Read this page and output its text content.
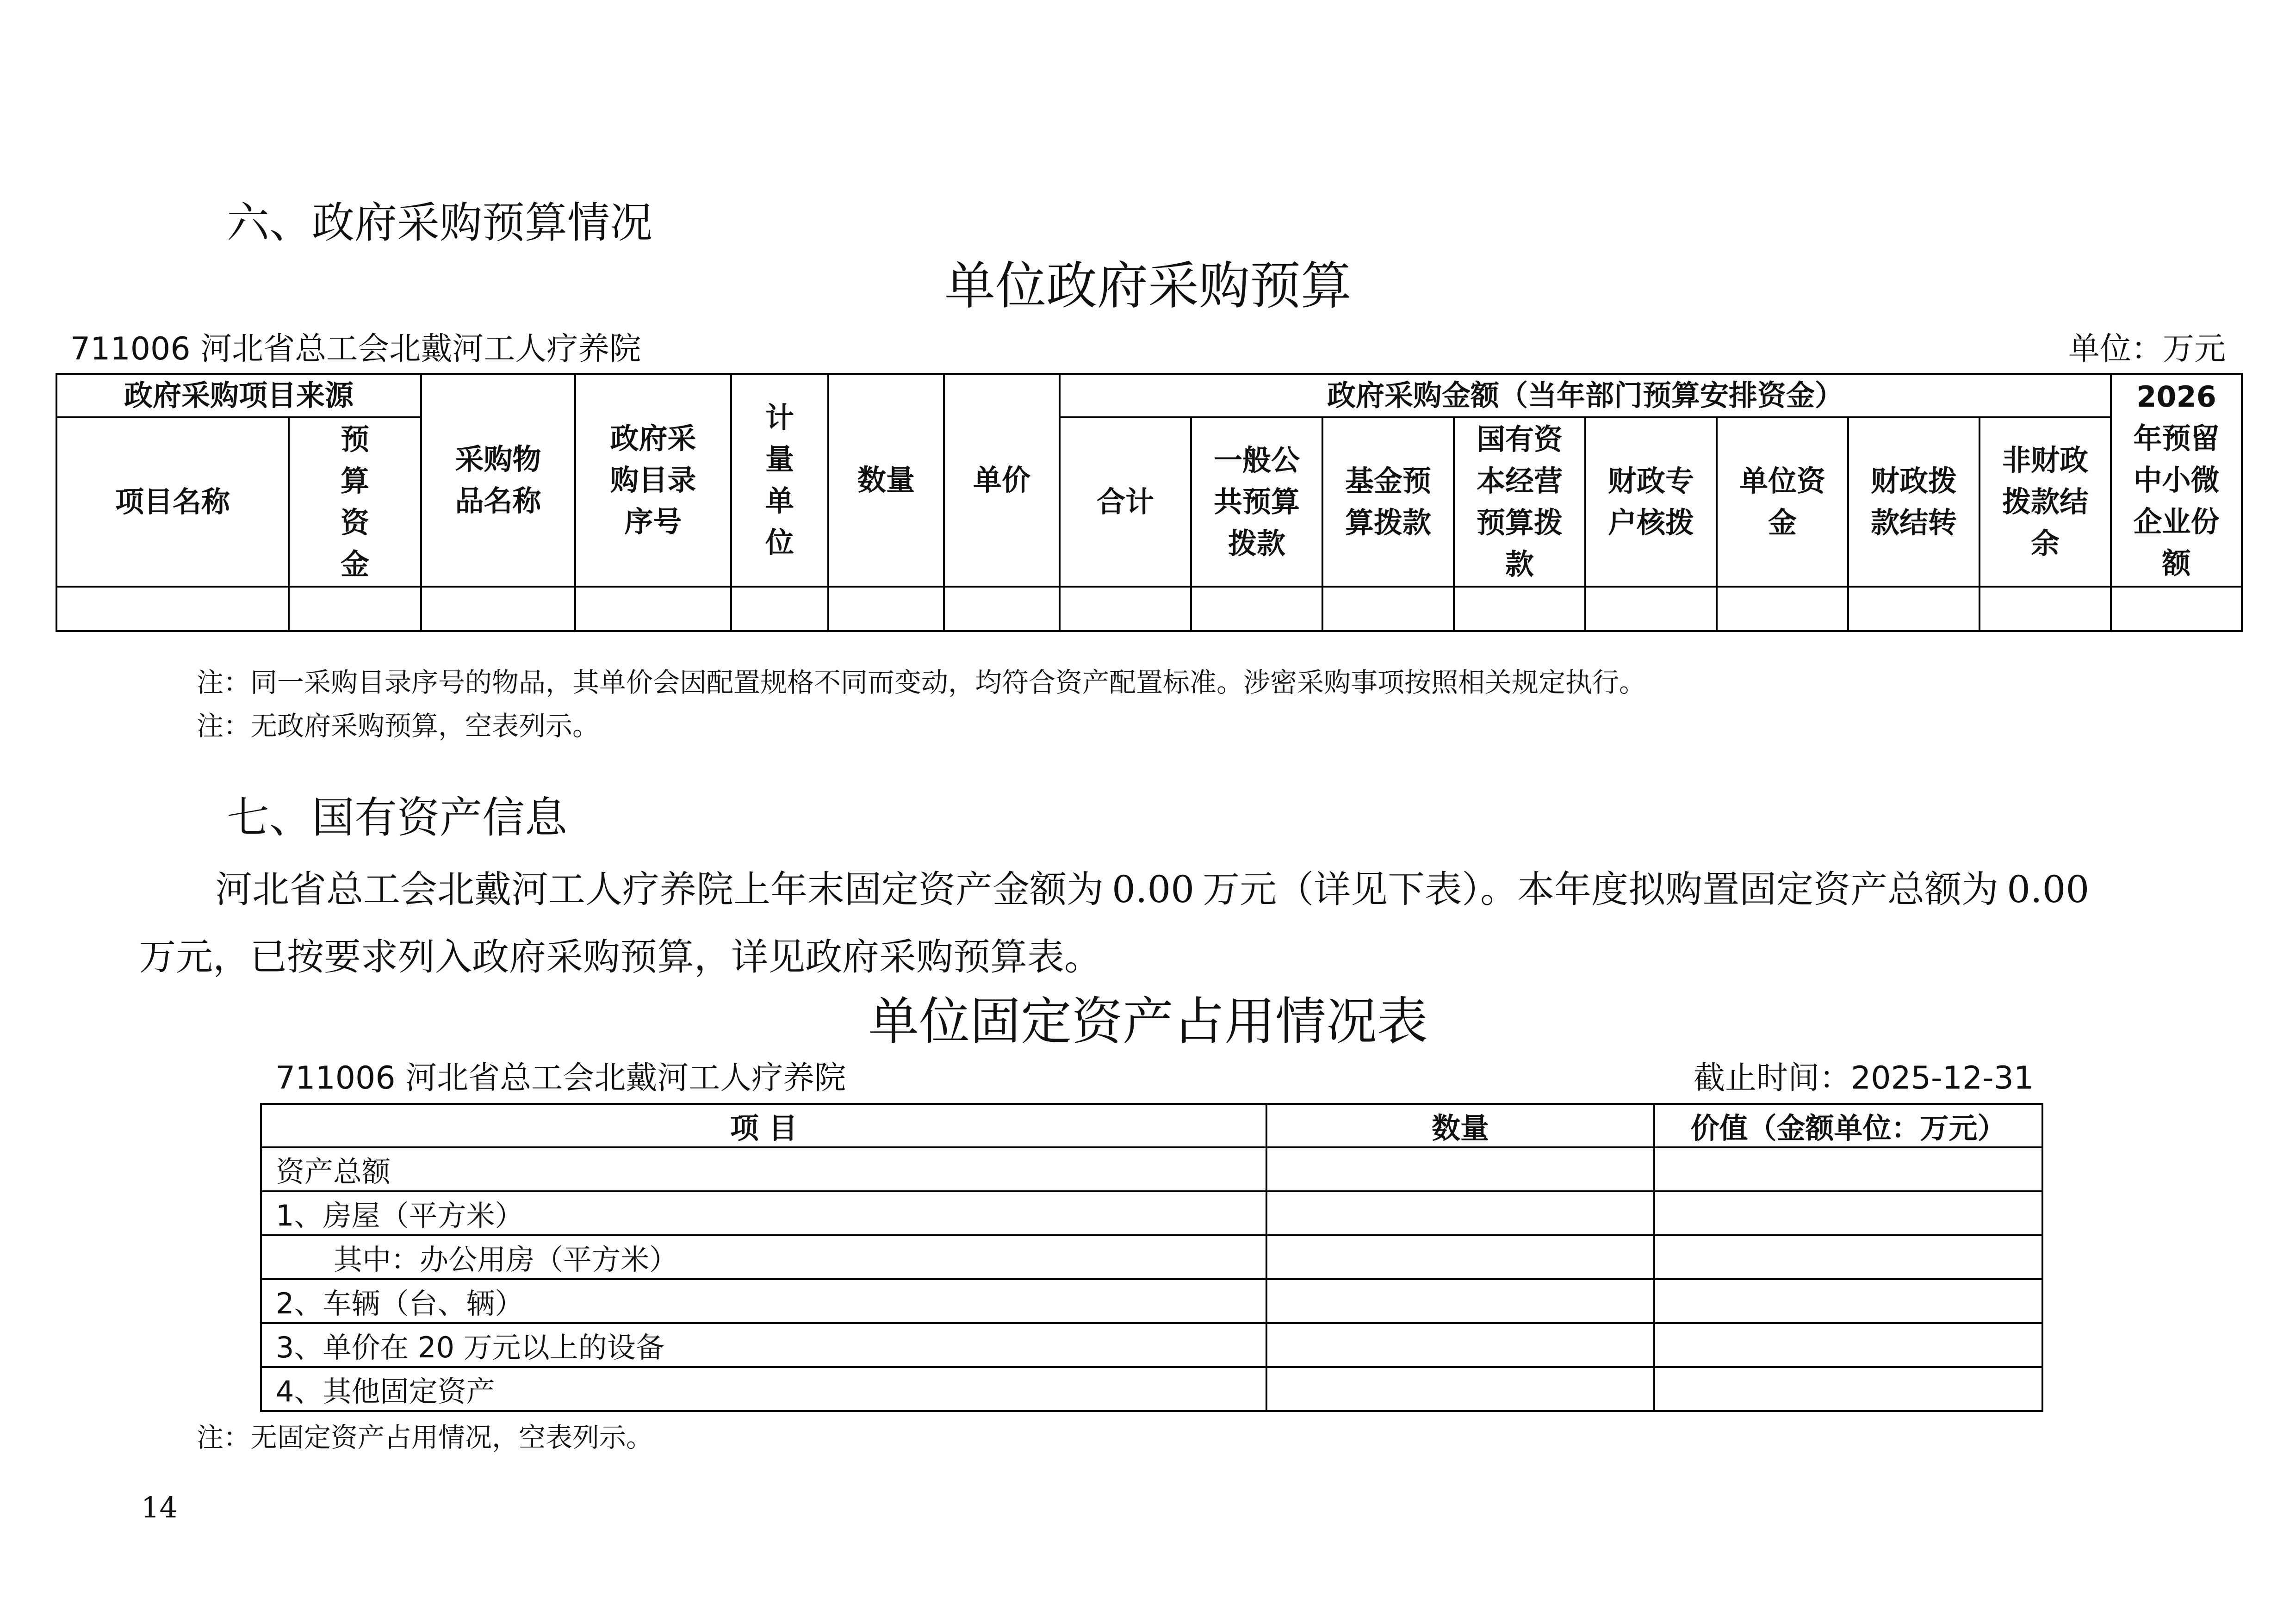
六、政府采购预算情况
单位政府采购预算
711006 河北省总工会北戴河工人疗养院	单位：万元
政府采购项目来源		采购物品名称	政府采购目录序号	计量单位	数量	单价	政府采购金额（当年部门预算安排资金）								2026 年预留中小微企业份额
项目名称	预算资金						合计	一般公共预算拨款	基金预算拨款	国有资本经营预算拨款	财政专户核拨	单位资金	财政拨款结转	非财政拨款结余	

注：同一采购目录序号的物品，其单价会因配置规格不同而变动，均符合资产配置标准。涉密采购事项按照相关规定执行。
注：无政府采购预算，空表列示。
七、国有资产信息
河北省总工会北戴河工人疗养院上年末固定资产金额为 0.00 万元（详见下表）。本年度拟购置固定资产总额为 0.00
万元，已按要求列入政府采购预算，详见政府采购预算表。
单位固定资产占用情况表
711006 河北省总工会北戴河工人疗养院	截止时间：2025-12-31
项 目	数量	价值（金额单位：万元）
资产总额		
1、房屋（平方米）		
其中：办公用房（平方米）		
2、车辆（台、辆）		
3、单价在 20 万元以上的设备		
4、其他固定资产		
注：无固定资产占用情况，空表列示。
14
